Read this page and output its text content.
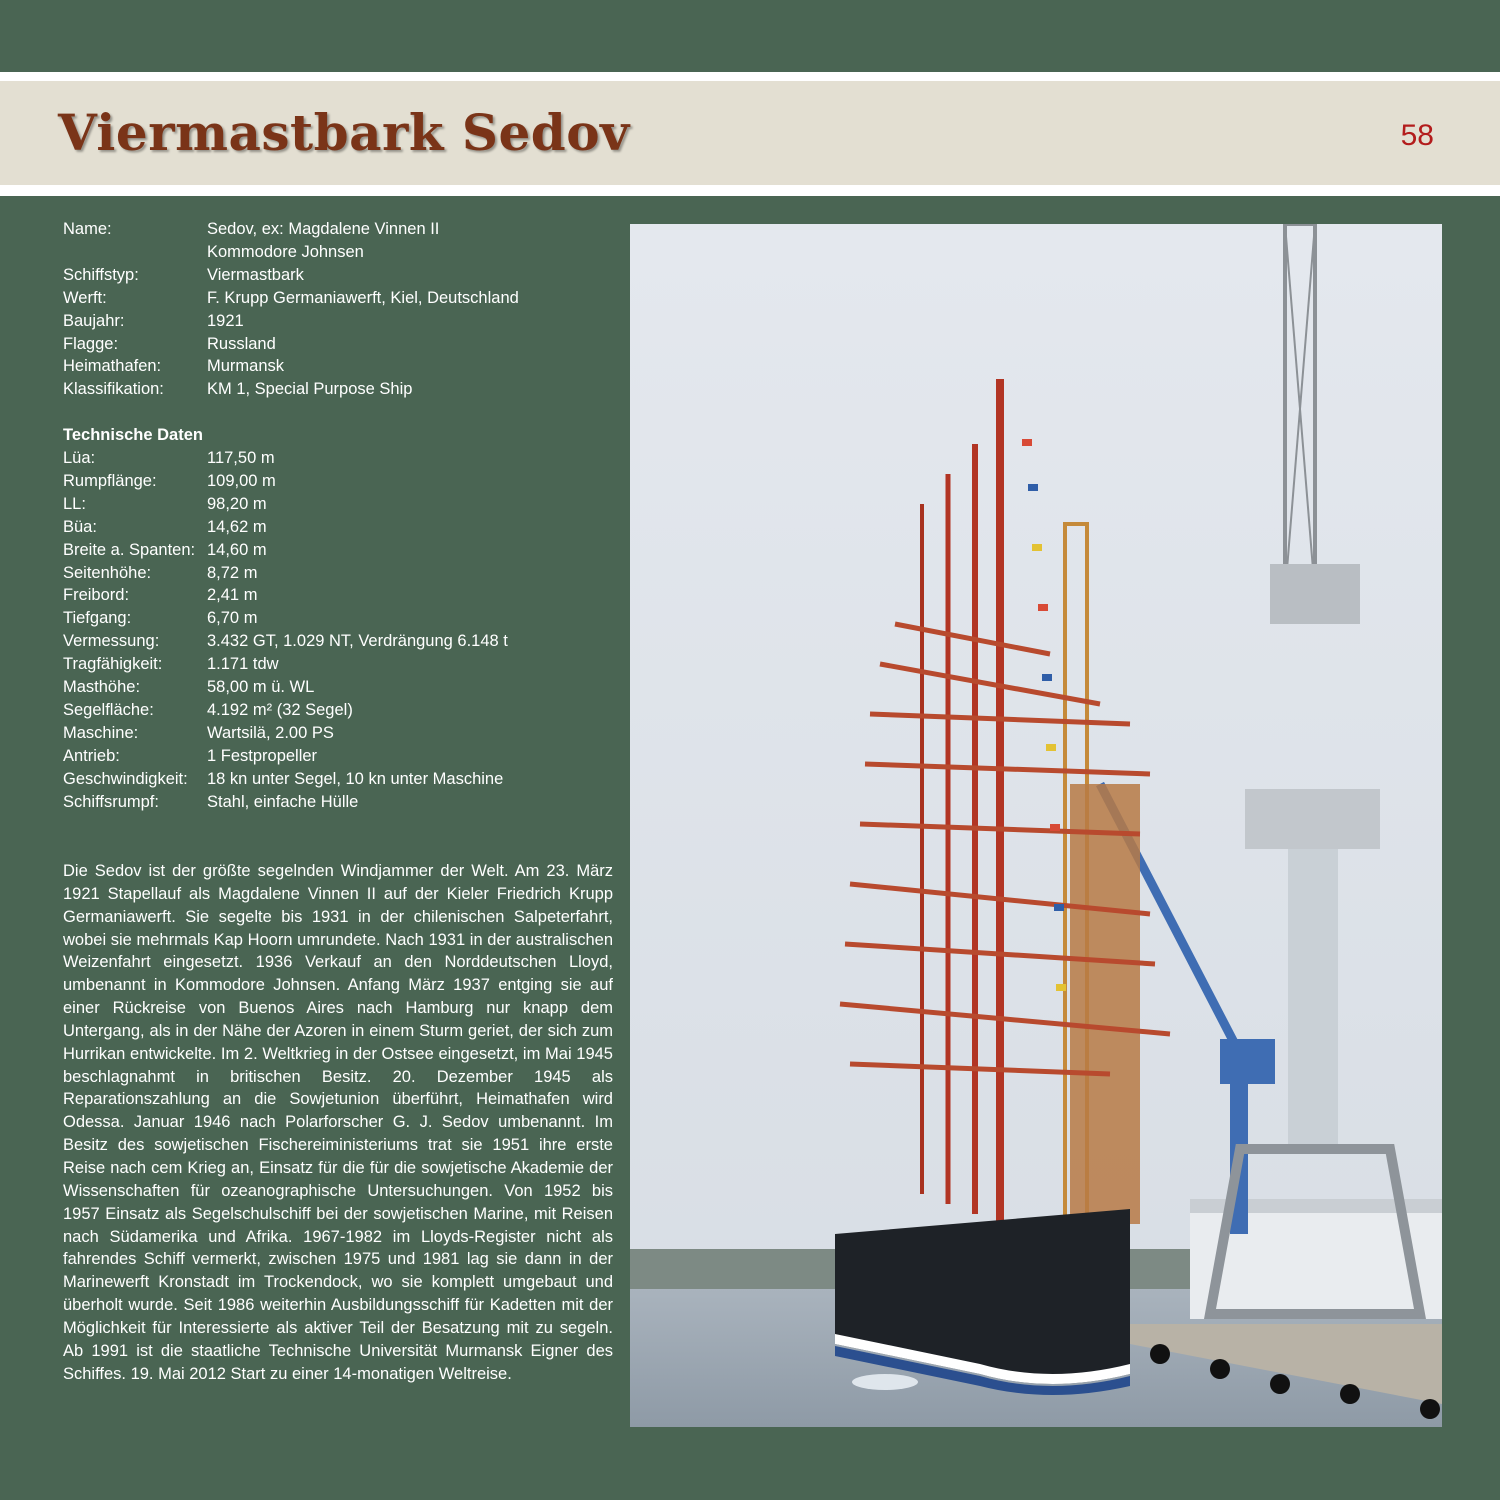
Viermastbark Sedov	58
Name:	Sedov, ex: Magdalene Vinnen II
Kommodore Johnsen
Schiffstyp:	Viermastbark
Werft:	F. Krupp Germaniawerft, Kiel, Deutschland
Baujahr:	1921
Flagge:	Russland
Heimathafen:	Murmansk
Klassifikation:	KM 1, Special Purpose Ship
Technische Daten
Lüa:	117,50 m
Rumpflänge:	109,00 m
LL:	98,20 m
Büa:	14,62 m
Breite a. Spanten: 14,60 m
Seitenhöhe:	8,72 m
Freibord:	2,41 m
Tiefgang:	6,70 m
Vermessung:	3.432 GT, 1.029 NT, Verdrängung 6.148 t
Tragfähigkeit:	1.171 tdw
Masthöhe:	58,00 m ü. WL
Segelfläche:	4.192 m² (32 Segel)
Maschine:	Wartsilä, 2.00 PS
Antrieb:	1 Festpropeller
Geschwindigkeit:	18 kn unter Segel, 10 kn unter Maschine
Schiffsrumpf:	Stahl, einfache Hülle
Die Sedov ist der größte segelnden Windjammer der Welt. Am 23. März 1921 Stapellauf als Magdalene Vinnen II auf der Kieler Friedrich Krupp Germaniawerft. Sie segelte bis 1931 in der chilenischen Salpeterfahrt, wobei sie mehrmals Kap Hoorn umrundete. Nach 1931 in der australischen Weizenfahrt eingesetzt. 1936 Verkauf an den Norddeutschen Lloyd, umbenannt in Kommodore Johnsen. Anfang März 1937 entging sie auf einer Rückreise von Buenos Aires nach Hamburg nur knapp dem Untergang, als in der Nähe der Azoren in einem Sturm geriet, der sich zum Hurrikan entwickelte. Im 2. Weltkrieg in der Ostsee eingesetzt, im Mai 1945 beschlagnahmt in britischen Besitz. 20. Dezember 1945 als Reparationszahlung an die Sowjetunion überführt, Heimathafen wird Odessa. Januar 1946 nach Polarforscher G. J. Sedov umbenannt. Im Besitz des sowjetischen Fischereiministeriums trat sie 1951 ihre erste Reise nach cem Krieg an, Einsatz für die für die sowjetische Akademie der Wissenschaften für ozeanographische Untersuchungen. Von 1952 bis 1957 Einsatz als Segelschulschiff bei der sowjetischen Marine, mit Reisen nach Südamerika und Afrika. 1967-1982 im Lloyds-Register nicht als fahrendes Schiff vermerkt, zwischen 1975 und 1981 lag sie dann in der Marinewerft Kronstadt im Trockendock, wo sie komplett umgebaut und überholt wurde. Seit 1986 weiterhin Ausbildungsschiff für Kadetten mit der Möglichkeit für Interessierte als aktiver Teil der Besatzung mit zu segeln. Ab 1991 ist die staatliche Technische Universität Murmansk Eigner des Schiffes. 19. Mai 2012 Start zu einer 14-monatigen Weltreise.
